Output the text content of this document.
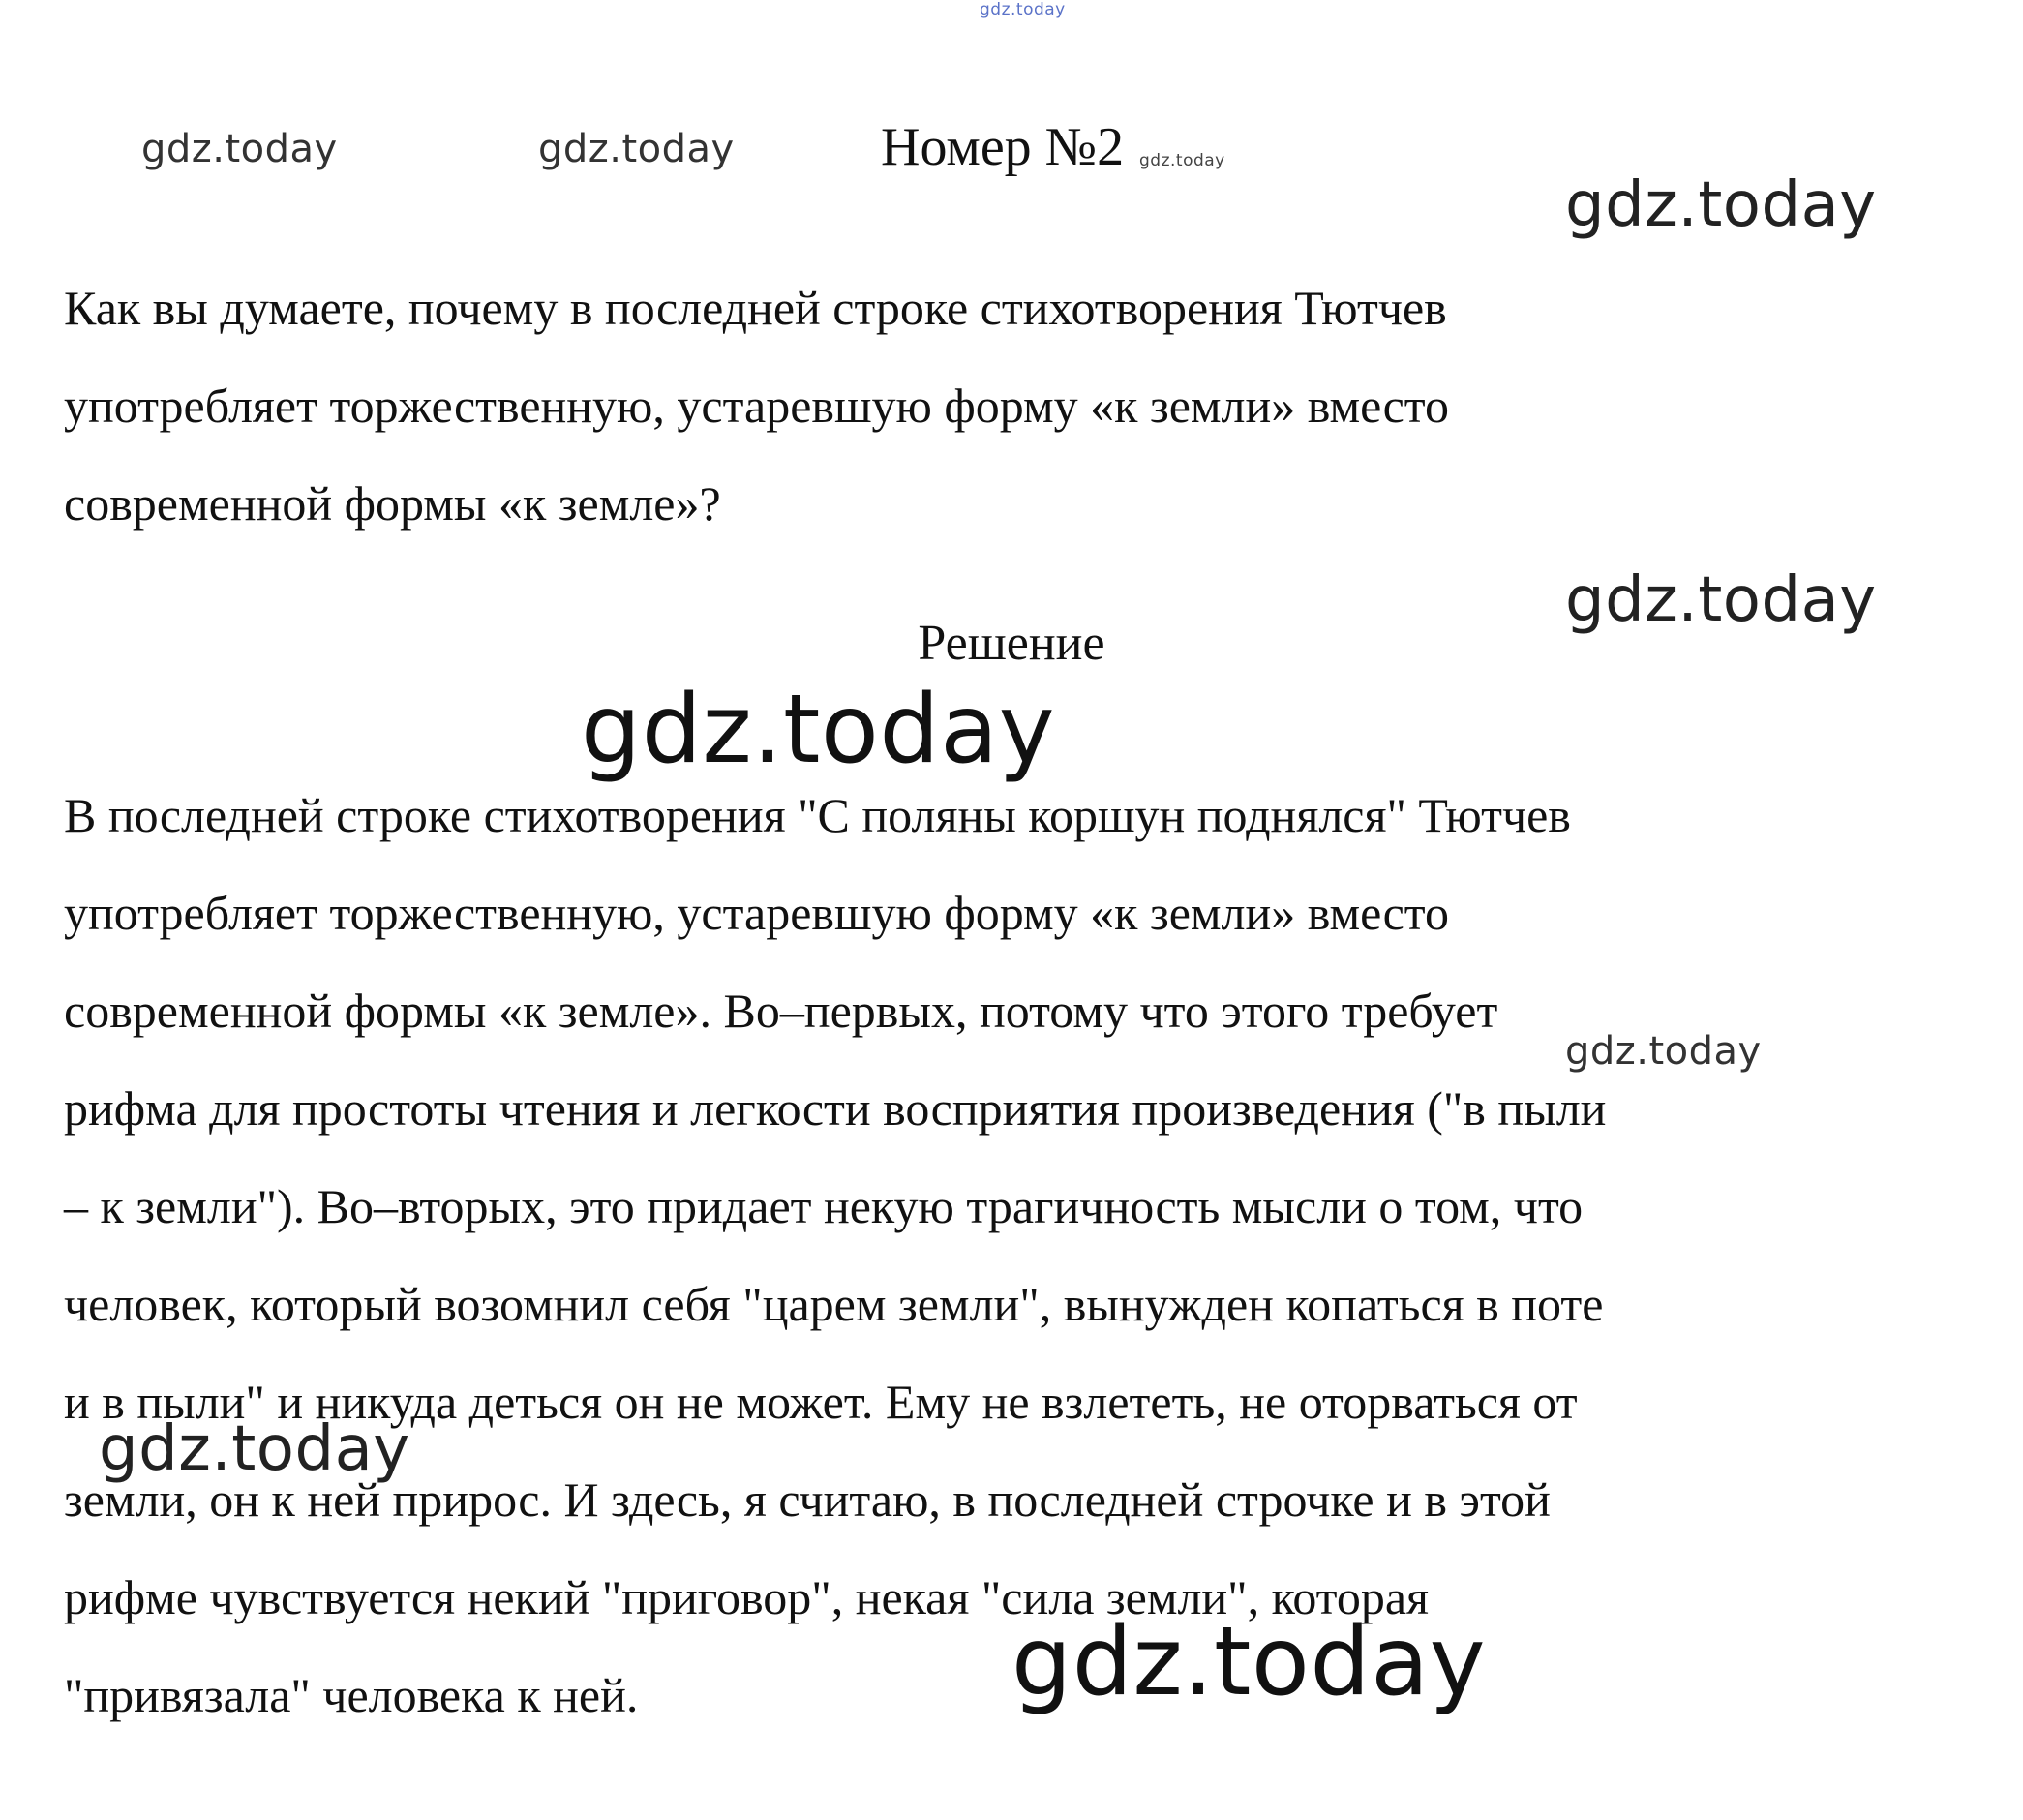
gdz.today
gdz.today	gdz.today	Номер №2 gdz.today
gdz.today

Как вы думаете, почему в последней строке стихотворения Тютчев
употребляет торжественную, устаревшую форму «к земли» вместо
современной формы «к земле»?

gdz.today
Решение
gdz.today

В последней строке стихотворения "С поляны коршун поднялся" Тютчев
употребляет торжественную, устаревшую форму «к земли» вместо
современной формы «к земле». Во–первых, потому что этого требует
рифма для простоты чтения и легкости восприятия произведения ("в пыли
– к земли"). Во–вторых, это придает некую трагичность мысли о том, что
человек, который возомнил себя "царем земли", вынужден копаться в поте
и в пыли" и никуда деться он не может. Ему не взлететь, не оторваться от
земли, он к ней прирос. И здесь, я считаю, в последней строчке и в этой
рифме чувствуется некий "приговор", некая "сила земли", которая
"привязала" человека к ней.

gdz.today
gdz.today
gdz.today
